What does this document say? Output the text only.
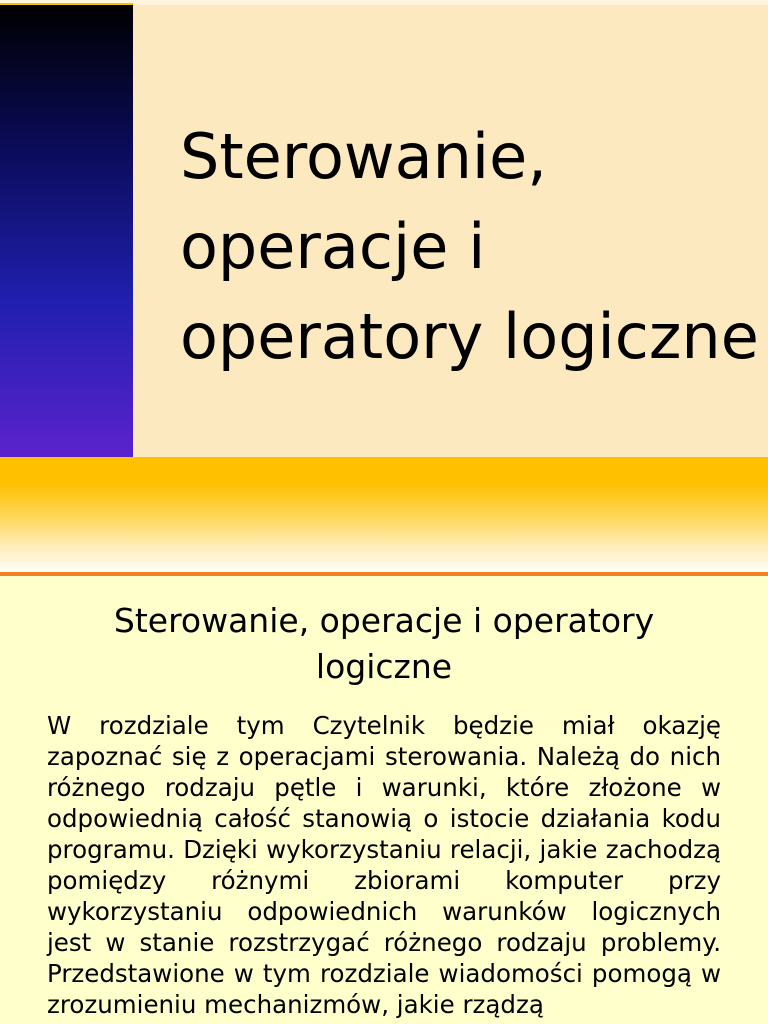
Sterowanie,
operacje i
operatory logiczne
Sterowanie, operacje i operatory logiczne

W rozdziale tym Czytelnik będzie miał okazję zapoznać się z operacjami sterowania. Należą do nich różnego rodzaju pętle i warunki, które złożone w odpowiednią całość stanowią o istocie działania kodu programu. Dzięki wykorzystaniu relacji, jakie zachodzą pomiędzy różnymi zbiorami komputer przy wykorzystaniu odpowiednich warunków logicznych jest w stanie rozstrzygać różnego rodzaju problemy. Przedstawione w tym rozdziale wiadomości pomogą w zrozumieniu mechanizmów, jakie rządzą
